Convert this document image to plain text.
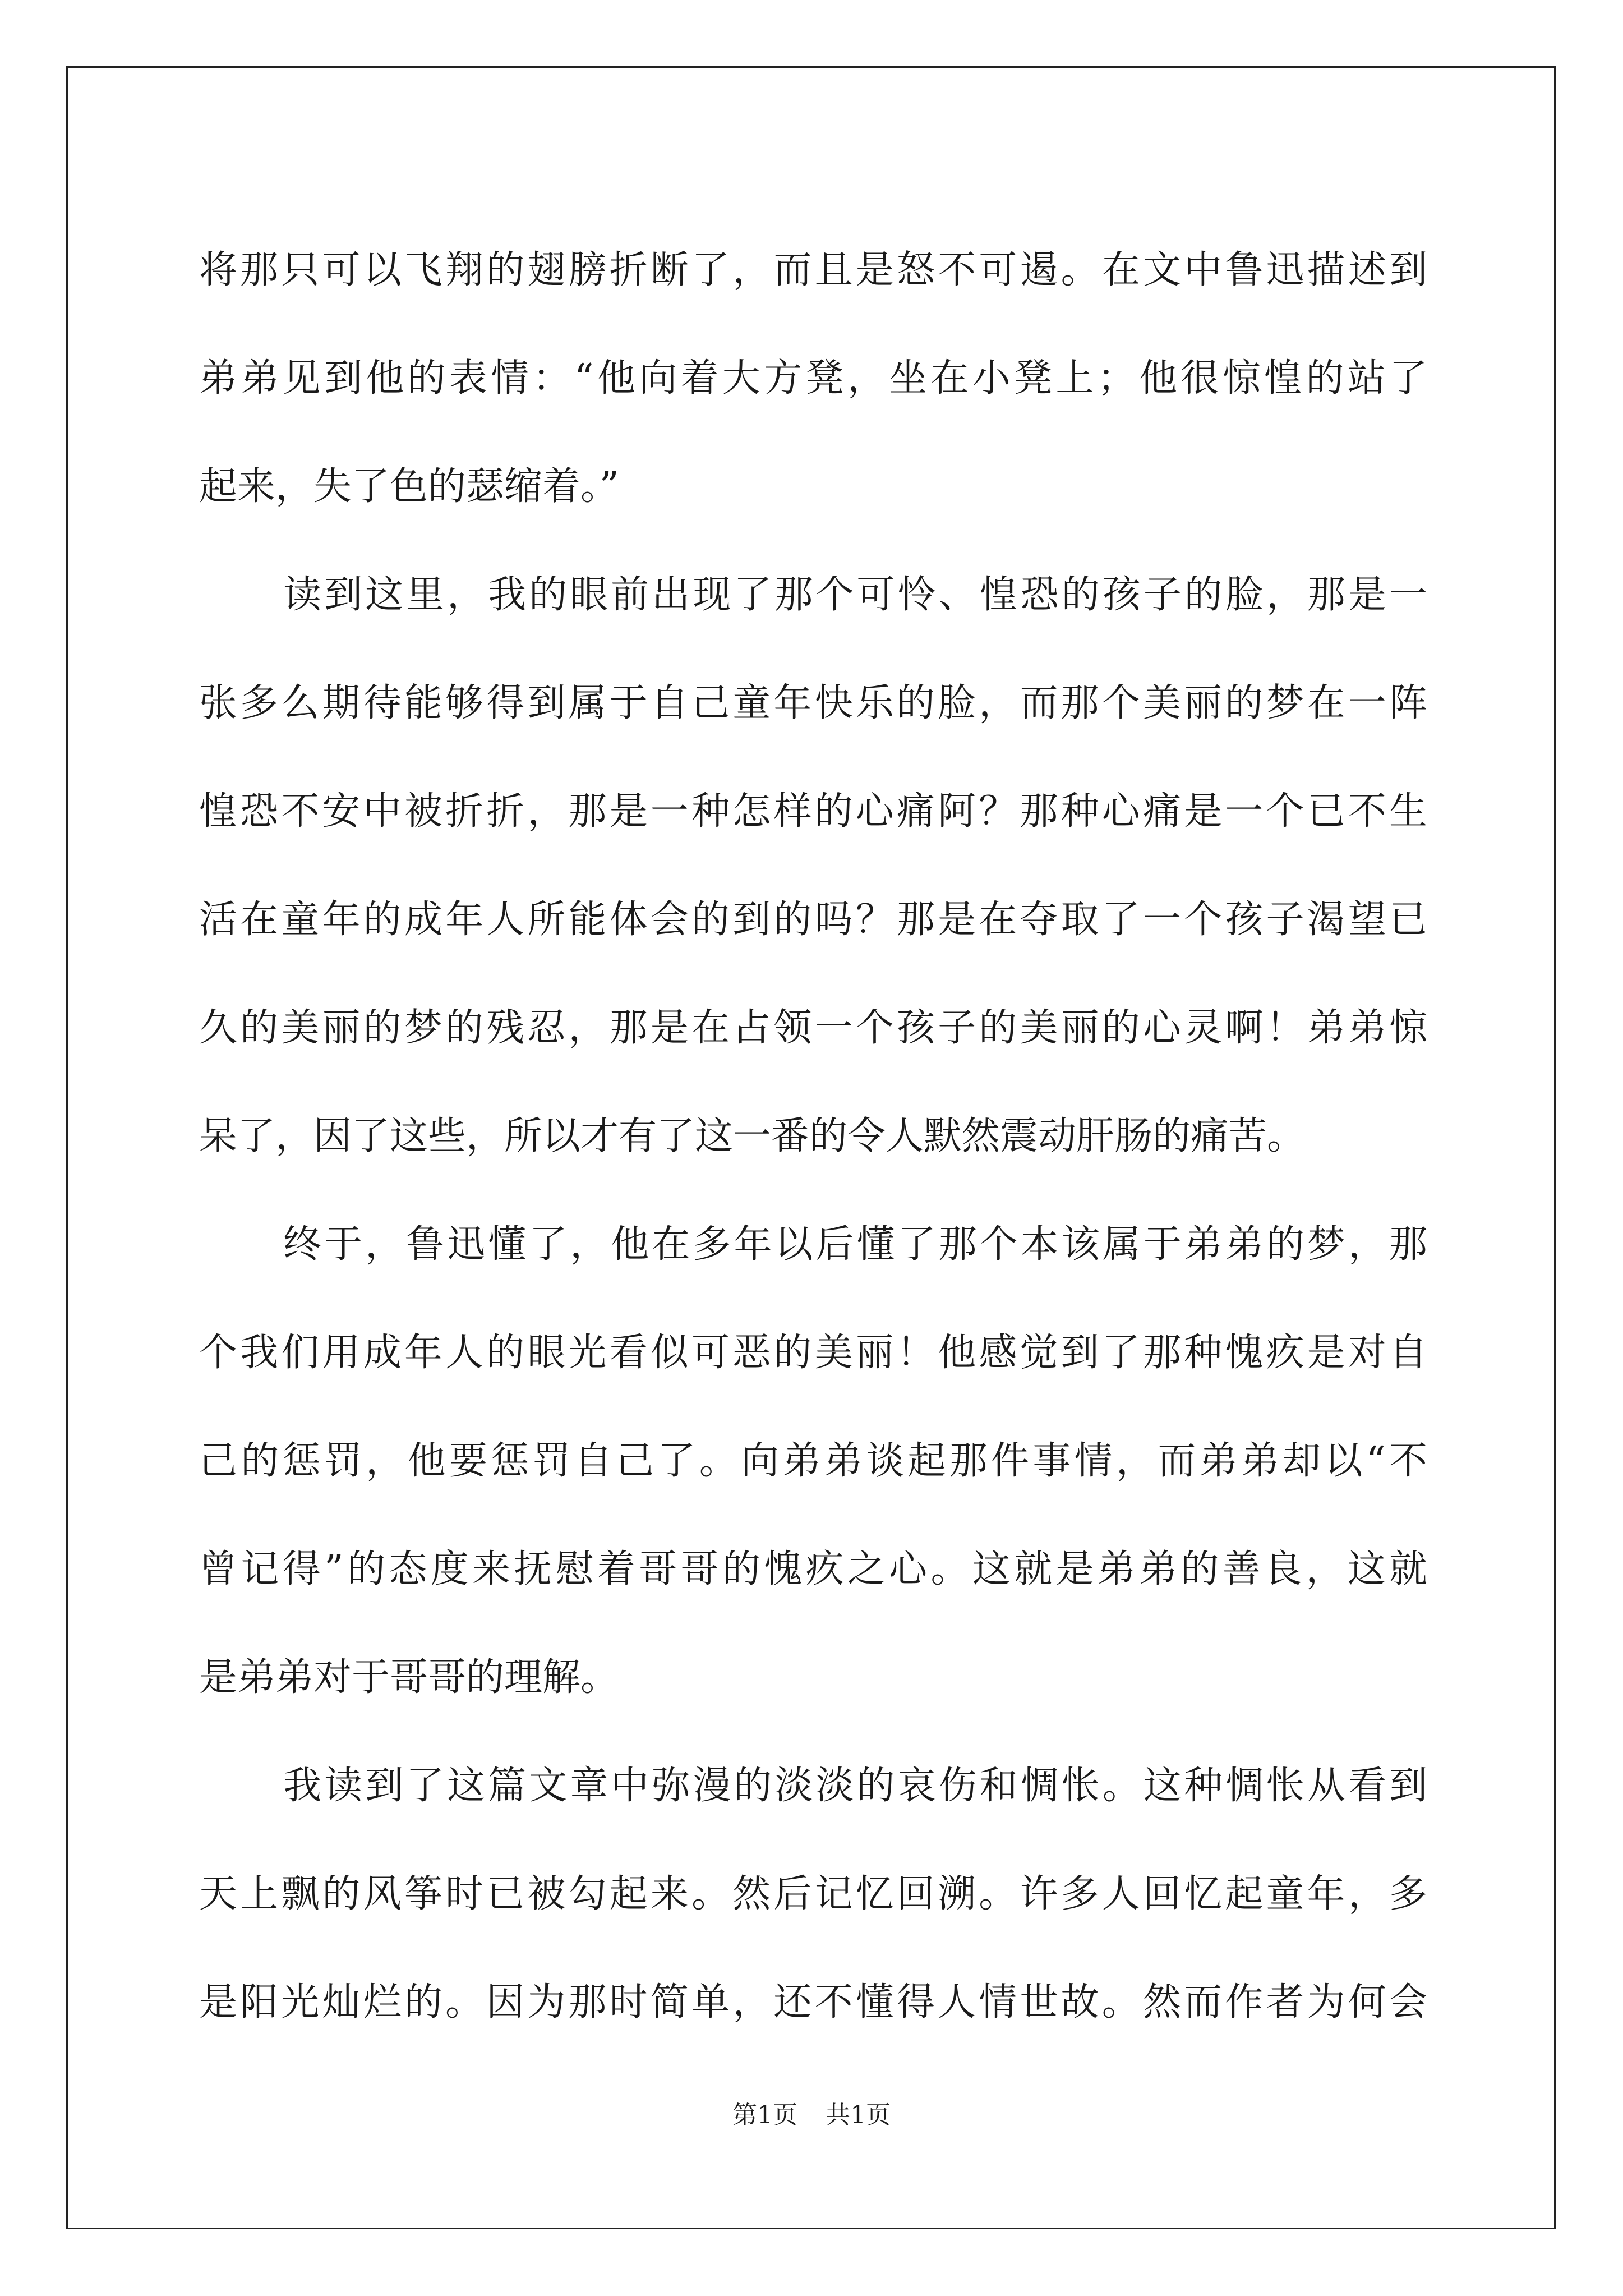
将那只可以飞翔的翅膀折断了，而且是怒不可遏。在文中鲁迅描述到
弟弟见到他的表情：“他向着大方凳，坐在小凳上；他很惊惶的站了
起来，失了色的瑟缩着。”
读到这里，我的眼前出现了那个可怜、惶恐的孩子的脸，那是一
张多么期待能够得到属于自己童年快乐的脸，而那个美丽的梦在一阵
惶恐不安中被折折，那是一种怎样的心痛阿？那种心痛是一个已不生
活在童年的成年人所能体会的到的吗？那是在夺取了一个孩子渴望已
久的美丽的梦的残忍，那是在占领一个孩子的美丽的心灵啊！弟弟惊
呆了，因了这些，所以才有了这一番的令人默然震动肝肠的痛苦。
终于，鲁迅懂了，他在多年以后懂了那个本该属于弟弟的梦，那
个我们用成年人的眼光看似可恶的美丽！他感觉到了那种愧疚是对自
己的惩罚，他要惩罚自己了。向弟弟谈起那件事情，而弟弟却以“不
曾记得”的态度来抚慰着哥哥的愧疚之心。这就是弟弟的善良，这就
是弟弟对于哥哥的理解。
我读到了这篇文章中弥漫的淡淡的哀伤和惆怅。这种惆怅从看到
天上飘的风筝时已被勾起来。然后记忆回溯。许多人回忆起童年，多
是阳光灿烂的。因为那时简单，还不懂得人情世故。然而作者为何会
第1页 共1页
